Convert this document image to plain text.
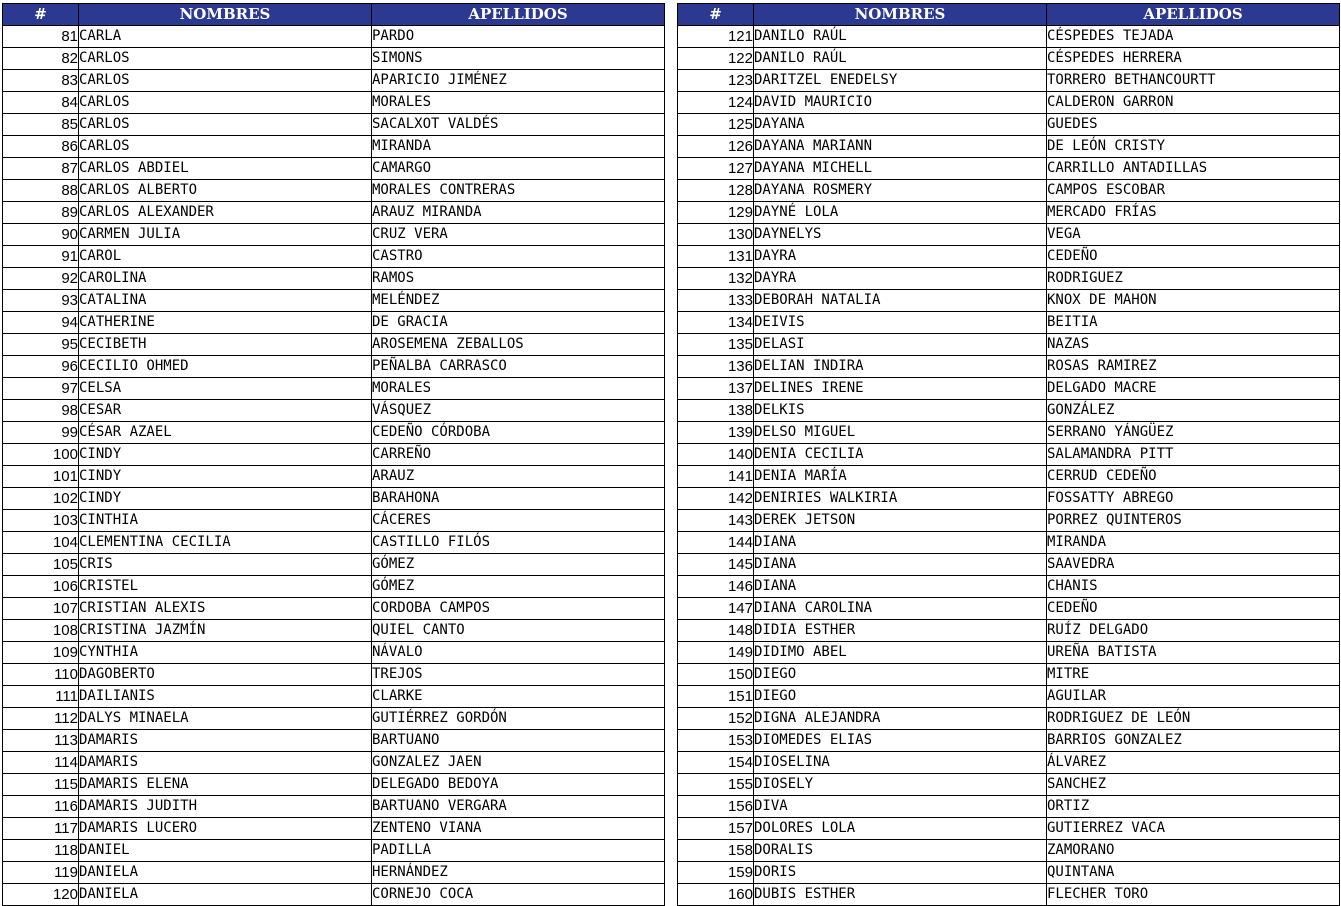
#	NOMBRES	APELLIDOS
81	CARLA	PARDO
82	CARLOS	SIMONS
83	CARLOS	APARICIO JIMÉNEZ
84	CARLOS	MORALES
85	CARLOS	SACALXOT VALDÉS
86	CARLOS	MIRANDA
87	CARLOS ABDIEL	CAMARGO
88	CARLOS ALBERTO	MORALES CONTRERAS
89	CARLOS ALEXANDER	ARAUZ MIRANDA
90	CARMEN JULIA	CRUZ VERA
91	CAROL	CASTRO
92	CAROLINA	RAMOS
93	CATALINA	MELÉNDEZ
94	CATHERINE	DE GRACIA
95	CECIBETH	AROSEMENA ZEBALLOS
96	CECILIO OHMED	PEÑALBA CARRASCO
97	CELSA	MORALES
98	CESAR	VÁSQUEZ
99	CÉSAR AZAEL	CEDEÑO CÓRDOBA
100	CINDY	CARREÑO
101	CINDY	ARAUZ
102	CINDY	BARAHONA
103	CINTHIA	CÁCERES
104	CLEMENTINA CECILIA	CASTILLO FILÓS
105	CRIS	GÓMEZ
106	CRISTEL	GÓMEZ
107	CRISTIAN ALEXIS	CORDOBA CAMPOS
108	CRISTINA JAZMÍN	QUIEL CANTO
109	CYNTHIA	NÁVALO
110	DAGOBERTO	TREJOS
111	DAILIANIS	CLARKE
112	DALYS MINAELA	GUTIÉRREZ GORDÓN
113	DAMARIS	BARTUANO
114	DAMARIS	GONZALEZ JAEN
115	DAMARIS ELENA	DELEGADO BEDOYA
116	DAMARIS JUDITH	BARTUANO VERGARA
117	DAMARIS LUCERO	ZENTENO VIANA
118	DANIEL	PADILLA
119	DANIELA	HERNÁNDEZ
120	DANIELA	CORNEJO COCA
#	NOMBRES	APELLIDOS
121	DANILO RAÚL	CÉSPEDES TEJADA
122	DANILO RAÚL	CÉSPEDES HERRERA
123	DARITZEL ENEDELSY	TORRERO BETHANCOURTT
124	DAVID MAURICIO	CALDERON GARRON
125	DAYANA	GUEDES
126	DAYANA MARIANN	DE LEÓN CRISTY
127	DAYANA MICHELL	CARRILLO ANTADILLAS
128	DAYANA ROSMERY	CAMPOS ESCOBAR
129	DAYNÉ LOLA	MERCADO FRÍAS
130	DAYNELYS	VEGA
131	DAYRA	CEDEÑO
132	DAYRA	RODRIGUEZ
133	DEBORAH NATALIA	KNOX DE MAHON
134	DEIVIS	BEITIA
135	DELASI	NAZAS
136	DELIAN INDIRA	ROSAS RAMIREZ
137	DELINES IRENE	DELGADO MACRE
138	DELKIS	GONZÁLEZ
139	DELSO MIGUEL	SERRANO YÁNGÜEZ
140	DENIA CECILIA	SALAMANDRA PITT
141	DENIA MARÍA	CERRUD CEDEÑO
142	DENIRIES WALKIRIA	FOSSATTY ABREGO
143	DEREK JETSON	PORREZ QUINTEROS
144	DIANA	MIRANDA
145	DIANA	SAAVEDRA
146	DIANA	CHANIS
147	DIANA CAROLINA	CEDEÑO
148	DIDIA ESTHER	RUÍZ DELGADO
149	DIDIMO ABEL	UREÑA BATISTA
150	DIEGO	MITRE
151	DIEGO	AGUILAR
152	DIGNA ALEJANDRA	RODRIGUEZ DE LEÓN
153	DIOMEDES ELIAS	BARRIOS GONZALEZ
154	DIOSELINA	ÁLVAREZ
155	DIOSELY	SANCHEZ
156	DIVA	ORTIZ
157	DOLORES LOLA	GUTIERREZ VACA
158	DORALIS	ZAMORANO
159	DORIS	QUINTANA
160	DUBIS ESTHER	FLECHER TORO
